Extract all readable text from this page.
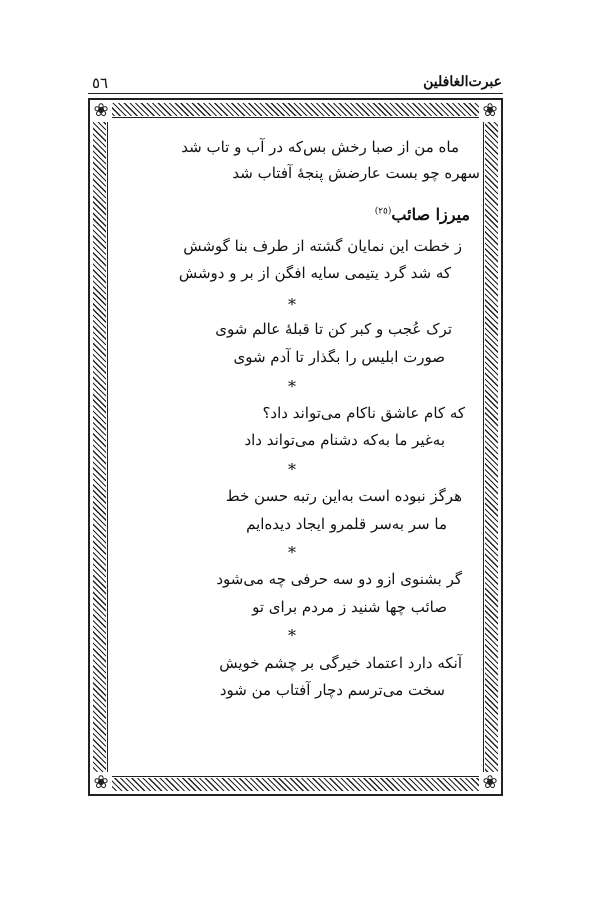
٥٦	عبرت‌الغافلین
❀	❀
❀	❀
ماه من از صبا رخش بس‌که در آب و تاب شد
سهره چو بست عارضش پنجهٔ آفتاب شد
میرزا صائب$^{(٢٥)}$
ز خطت این نمایان گشته از طرف بنا گوشش
که شد گرد یتیمی سایه افگن از بر و دوشش
*
ترک عُجب و کبر کن تا قبلهٔ عالم شوی
صورت ابلیس را بگذار تا آدم شوی
*
که کام عاشق ناکام می‌تواند داد؟
به‌غیر ما به‌که دشنام می‌تواند داد
*
هرگز نبوده است به‌این رتبه حسن خط
ما سر به‌سر قلمرو ایجاد دیده‌ایم
*
گر بشنوی ازو دو سه حرفی چه می‌شود
صائب چها شنید ز مردم برای تو
*
آنکه دارد اعتماد خیرگی بر چشم خویش
سخت می‌ترسم دچار آفتاب من شود
